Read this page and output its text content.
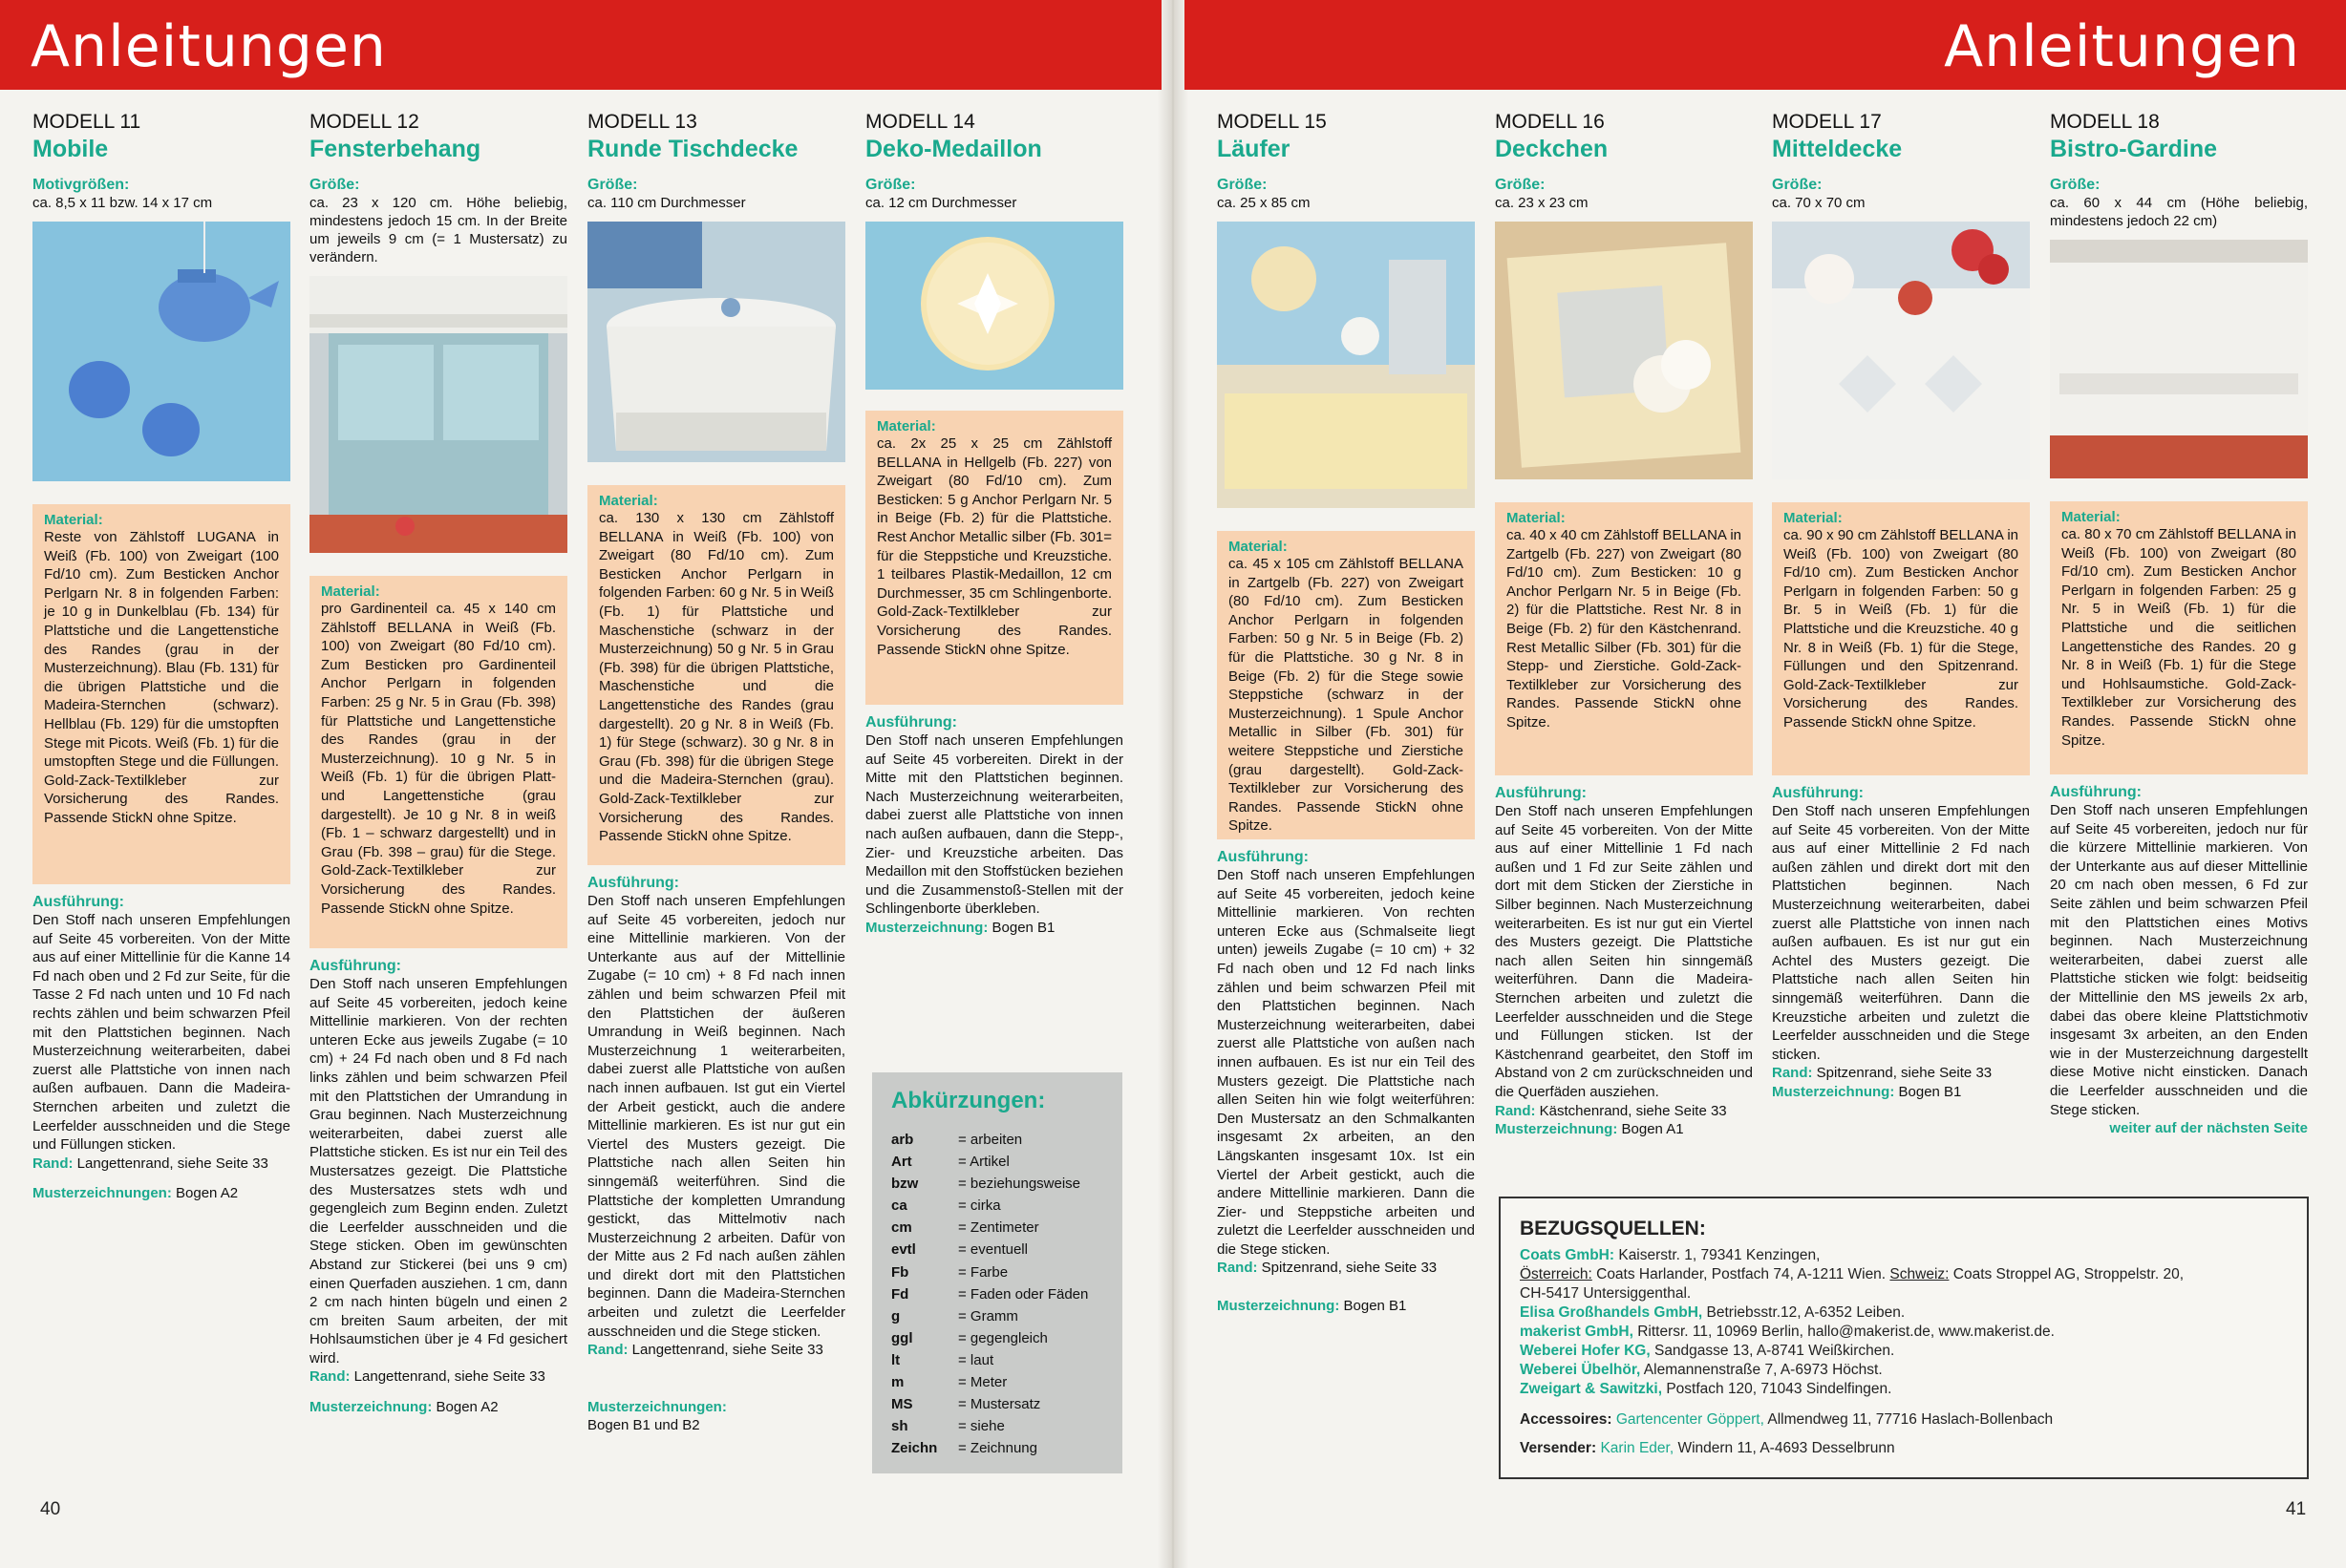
Anleitungen	Anleitungen
MODELL 11
Mobile
Motivgrößen:
ca. 8,5 x 11 bzw. 14 x 17 cm
Material:
Reste von Zählstoff LUGANA in Weiß (Fb. 100) von Zweigart (100 Fd/10 cm). Zum Besticken Anchor Perlgarn Nr. 8 in folgenden Farben: je 10 g in Dunkelblau (Fb. 134) für Plattstiche und die Langettenstiche des Randes (grau in der Musterzeichnung). Blau (Fb. 131) für die übrigen Plattstiche und die Madeira-Sternchen (schwarz). Hellblau (Fb. 129) für die umstopften Stege mit Picots. Weiß (Fb. 1) für die umstopften Stege und die Füllungen. Gold-Zack-Textilkleber zur Vorsicherung des Randes. Passende StickN ohne Spitze.
Ausführung:
Den Stoff nach unseren Empfehlungen auf Seite 45 vorbereiten. Von der Mitte aus auf einer Mittellinie für die Kanne 14 Fd nach oben und 2 Fd zur Seite, für die Tasse 2 Fd nach unten und 10 Fd nach rechts zählen und beim schwarzen Pfeil mit den Plattstichen beginnen. Nach Musterzeichnung weiterarbeiten, dabei zuerst alle Plattstiche von innen nach außen aufbauen. Dann die Madeira-Sternchen arbeiten und zuletzt die Leerfelder ausschneiden und die Stege und Füllungen sticken.
Rand: Langettenrand, siehe Seite 33
Musterzeichnungen: Bogen A2
MODELL 12
Fensterbehang
Größe:
ca. 23 x 120 cm. Höhe beliebig, mindestens jedoch 15 cm. In der Breite um jeweils 9 cm (= 1 Mustersatz) zu verändern.
Material:
pro Gardinenteil ca. 45 x 140 cm Zählstoff BELLANA in Weiß (Fb. 100) von Zweigart (80 Fd/10 cm). Zum Besticken pro Gardinenteil Anchor Perlgarn in folgenden Farben: 25 g Nr. 5 in Grau (Fb. 398) für Plattstiche und Langettenstiche des Randes (grau in der Musterzeichnung). 10 g Nr. 5 in Weiß (Fb. 1) für die übrigen Platt- und Langettenstiche (grau dargestellt). Je 10 g Nr. 8 in weiß (Fb. 1 – schwarz dargestellt) und in Grau (Fb. 398 – grau) für die Stege. Gold-Zack-Textilkleber zur Vorsicherung des Randes. Passende StickN ohne Spitze.
Ausführung:
Den Stoff nach unseren Empfehlungen auf Seite 45 vorbereiten, jedoch keine Mittellinie markieren. Von der rechten unteren Ecke aus jeweils Zugabe (= 10 cm) + 24 Fd nach oben und 8 Fd nach links zählen und beim schwarzen Pfeil mit den Plattstichen der Umrandung in Grau beginnen. Nach Musterzeichnung weiterarbeiten, dabei zuerst alle Plattstiche sticken. Es ist nur ein Teil des Mustersatzes gezeigt. Die Plattstiche des Mustersatzes stets wdh und gegengleich zum Beginn enden. Zuletzt die Leerfelder ausschneiden und die Stege sticken. Oben im gewünschten Abstand zur Stickerei (bei uns 9 cm) einen Querfaden ausziehen. 1 cm, dann 2 cm nach hinten bügeln und einen 2 cm breiten Saum arbeiten, der mit Hohlsaumstichen über je 4 Fd gesichert wird.
Rand: Langettenrand, siehe Seite 33
Musterzeichnung: Bogen A2
MODELL 13
Runde Tischdecke
Größe:
ca. 110 cm Durchmesser
Material:
ca. 130 x 130 cm Zählstoff BELLANA in Weiß (Fb. 100) von Zweigart (80 Fd/10 cm). Zum Besticken Anchor Perlgarn in folgenden Farben: 60 g Nr. 5 in Weiß (Fb. 1) für Plattstiche und Maschenstiche (schwarz in der Musterzeichnung) 50 g Nr. 5 in Grau (Fb. 398) für die übrigen Plattstiche, Maschenstiche und die Langettenstiche des Randes (grau dargestellt). 20 g Nr. 8 in Weiß (Fb. 1) für Stege (schwarz). 30 g Nr. 8 in Grau (Fb. 398) für die übrigen Stege und die Madeira-Sternchen (grau). Gold-Zack-Textilkleber zur Vorsicherung des Randes. Passende StickN ohne Spitze.
Ausführung:
Den Stoff nach unseren Empfehlungen auf Seite 45 vorbereiten, jedoch nur eine Mittellinie markieren. Von der Unterkante aus auf der Mittellinie Zugabe (= 10 cm) + 8 Fd nach innen zählen und beim schwarzen Pfeil mit den Plattstichen der äußeren Umrandung in Weiß beginnen. Nach Musterzeichnung 1 weiterarbeiten, dabei zuerst alle Plattstiche von außen nach innen aufbauen. Ist gut ein Viertel der Arbeit gestickt, auch die andere Mittellinie markieren. Es ist nur gut ein Viertel des Musters gezeigt. Die Plattstiche nach allen Seiten hin sinngemäß weiterführen. Sind die Plattstiche der kompletten Umrandung gestickt, das Mittelmotiv nach Musterzeichnung 2 arbeiten. Dafür von der Mitte aus 2 Fd nach außen zählen und direkt dort mit den Plattstichen beginnen. Dann die Madeira-Sternchen arbeiten und zuletzt die Leerfelder ausschneiden und die Stege sticken.
Rand: Langettenrand, siehe Seite 33
Musterzeichnungen:
Bogen B1 und B2
MODELL 14
Deko-Medaillon
Größe:
ca. 12 cm Durchmesser
Material:
ca. 2x 25 x 25 cm Zählstoff BELLANA in Hellgelb (Fb. 227) von Zweigart (80 Fd/10 cm). Zum Besticken: 5 g Anchor Perlgarn Nr. 5 in Beige (Fb. 2) für die Plattstiche. Rest Anchor Metallic silber (Fb. 301= für die Steppstiche und Kreuzstiche. 1 teilbares Plastik-Medaillon, 12 cm Durchmesser, 35 cm Schlingenborte. Gold-Zack-Textilkleber zur Vorsicherung des Randes. Passende StickN ohne Spitze.
Ausführung:
Den Stoff nach unseren Empfehlungen auf Seite 45 vorbereiten. Direkt in der Mitte mit den Plattstichen beginnen. Nach Musterzeichnung weiterarbeiten, dabei zuerst alle Plattstiche von innen nach außen aufbauen, dann die Stepp-, Zier- und Kreuzstiche arbeiten. Das Medaillon mit den Stoffstücken beziehen und die Zusammenstoß-Stellen mit der Schlingenborte überkleben.
Musterzeichnung: Bogen B1
Abkürzungen:
arb	= arbeiten
Art	= Artikel
bzw	= beziehungsweise
ca	= cirka
cm	= Zentimeter
evtl	= eventuell
Fb	= Farbe
Fd	= Faden oder Fäden
g	= Gramm
ggl	= gegengleich
lt	= laut
m	= Meter
MS	= Mustersatz
sh	= siehe
Zeichn	= Zeichnung
MODELL 15
Läufer
Größe:
ca. 25 x 85 cm
Material:
ca. 45 x 105 cm Zählstoff BELLANA in Zartgelb (Fb. 227) von Zweigart (80 Fd/10 cm). Zum Besticken Anchor Perlgarn in folgenden Farben: 50 g Nr. 5 in Beige (Fb. 2) für die Plattstiche. 30 g Nr. 8 in Beige (Fb. 2) für die Stege sowie Steppstiche (schwarz in der Musterzeichnung). 1 Spule Anchor Metallic in Silber (Fb. 301) für weitere Steppstiche und Zierstiche (grau dargestellt). Gold-Zack-Textilkleber zur Vorsicherung des Randes. Passende StickN ohne Spitze.
Ausführung:
Den Stoff nach unseren Empfehlungen auf Seite 45 vorbereiten, jedoch keine Mittellinie markieren. Von rechten unteren Ecke aus (Schmalseite liegt unten) jeweils Zugabe (= 10 cm) + 32 Fd nach oben und 12 Fd nach links zählen und beim schwarzen Pfeil mit den Plattstichen beginnen. Nach Musterzeichnung weiterarbeiten, dabei zuerst alle Plattstiche von außen nach innen aufbauen. Es ist nur ein Teil des Musters gezeigt. Die Plattstiche nach allen Seiten hin wie folgt weiterführen: Den Mustersatz an den Schmalkanten insgesamt 2x arbeiten, an den Längskanten insgesamt 10x. Ist ein Viertel der Arbeit gestickt, auch die andere Mittellinie markieren. Dann die Zier- und Steppstiche arbeiten und zuletzt die Leerfelder ausschneiden und die Stege sticken.
Rand: Spitzenrand, siehe Seite 33
Musterzeichnung: Bogen B1
MODELL 16
Deckchen
Größe:
ca. 23 x 23 cm
Material:
ca. 40 x 40 cm Zählstoff BELLANA in Zartgelb (Fb. 227) von Zweigart (80 Fd/10 cm). Zum Besticken: 10 g Anchor Perlgarn Nr. 5 in Beige (Fb. 2) für die Plattstiche. Rest Nr. 8 in Beige (Fb. 2) für den Kästchenrand. Rest Metallic Silber (Fb. 301) für die Stepp- und Zierstiche. Gold-Zack-Textilkleber zur Vorsicherung des Randes. Passende StickN ohne Spitze.
Ausführung:
Den Stoff nach unseren Empfehlungen auf Seite 45 vorbereiten. Von der Mitte aus auf einer Mittellinie 1 Fd nach außen und 1 Fd zur Seite zählen und dort mit dem Sticken der Zierstiche in Silber beginnen. Nach Musterzeichnung weiterarbeiten. Es ist nur gut ein Viertel des Musters gezeigt. Die Plattstiche nach allen Seiten hin sinngemäß weiterführen. Dann die Madeira-Sternchen arbeiten und zuletzt die Leerfelder ausschneiden und die Stege und Füllungen sticken. Ist der Kästchenrand gearbeitet, den Stoff im Abstand von 2 cm zurückschneiden und die Querfäden ausziehen.
Rand: Kästchenrand, siehe Seite 33
Musterzeichnung: Bogen A1
MODELL 17
Mitteldecke
Größe:
ca. 70 x 70 cm
Material:
ca. 90 x 90 cm Zählstoff BELLANA in Weiß (Fb. 100) von Zweigart (80 Fd/10 cm). Zum Besticken Anchor Perlgarn in folgenden Farben: 50 g Br. 5 in Weiß (Fb. 1) für die Plattstiche und die Kreuzstiche. 40 g Nr. 8 in Weiß (Fb. 1) für die Stege, Füllungen und den Spitzenrand. Gold-Zack-Textilkleber zur Vorsicherung des Randes. Passende StickN ohne Spitze.
Ausführung:
Den Stoff nach unseren Empfehlungen auf Seite 45 vorbereiten. Von der Mitte aus auf einer Mittellinie 2 Fd nach außen zählen und direkt dort mit den Plattstichen beginnen. Nach Musterzeichnung weiterarbeiten, dabei zuerst alle Plattstiche von innen nach außen aufbauen. Es ist nur gut ein Achtel des Musters gezeigt. Die Plattstiche nach allen Seiten hin sinngemäß weiterführen. Dann die Kreuzstiche arbeiten und zuletzt die Leerfelder ausschneiden und die Stege sticken.
Rand: Spitzenrand, siehe Seite 33
Musterzeichnung: Bogen B1
MODELL 18
Bistro-Gardine
Größe:
ca. 60 x 44 cm (Höhe beliebig, mindestens jedoch 22 cm)
Material:
ca. 80 x 70 cm Zählstoff BELLANA in Weiß (Fb. 100) von Zweigart (80 Fd/10 cm). Zum Besticken Anchor Perlgarn in folgenden Farben: 25 g Nr. 5 in Weiß (Fb. 1) für die Plattstiche und die seitlichen Langettenstiche des Randes. 20 g Nr. 8 in Weiß (Fb. 1) für die Stege und Hohlsaumstiche. Gold-Zack-Textilkleber zur Vorsicherung des Randes. Passende StickN ohne Spitze.
Ausführung:
Den Stoff nach unseren Empfehlungen auf Seite 45 vorbereiten, jedoch nur für die kürzere Mittellinie markieren. Von der Unterkante aus auf dieser Mittellinie 20 cm nach oben messen, 6 Fd zur Seite zählen und beim schwarzen Pfeil mit den Plattstichen eines Motivs beginnen. Nach Musterzeichnung weiterarbeiten, dabei zuerst alle Plattstiche sticken wie folgt: beidseitig der Mittellinie den MS jeweils 2x arb, dabei das obere kleine Plattstichmotiv insgesamt 3x arbeiten, an den Enden wie in der Musterzeichnung dargestellt diese Motive nicht einsticken. Danach die Leerfelder ausschneiden und die Stege sticken.
weiter auf der nächsten Seite
BEZUGSQUELLEN:
Coats GmbH: Kaiserstr. 1, 79341 Kenzingen,
Österreich: Coats Harlander, Postfach 74, A-1211 Wien. Schweiz: Coats Stroppel AG, Stroppelstr. 20,
CH-5417 Untersiggenthal.
Elisa Großhandels GmbH, Betriebsstr.12, A-6352 Leiben.
makerist GmbH, Rittersr. 11, 10969 Berlin, hallo@makerist.de, www.makerist.de.
Weberei Hofer KG, Sandgasse 13, A-8741 Weißkirchen.
Weberei Übelhör, Alemannenstraße 7, A-6973 Höchst.
Zweigart & Sawitzki, Postfach 120, 71043 Sindelfingen.
Accessoires: Gartencenter Göppert, Allmendweg 11, 77716 Haslach-Bollenbach
Versender: Karin Eder, Windern 11, A-4693 Desselbrunn
40	41
